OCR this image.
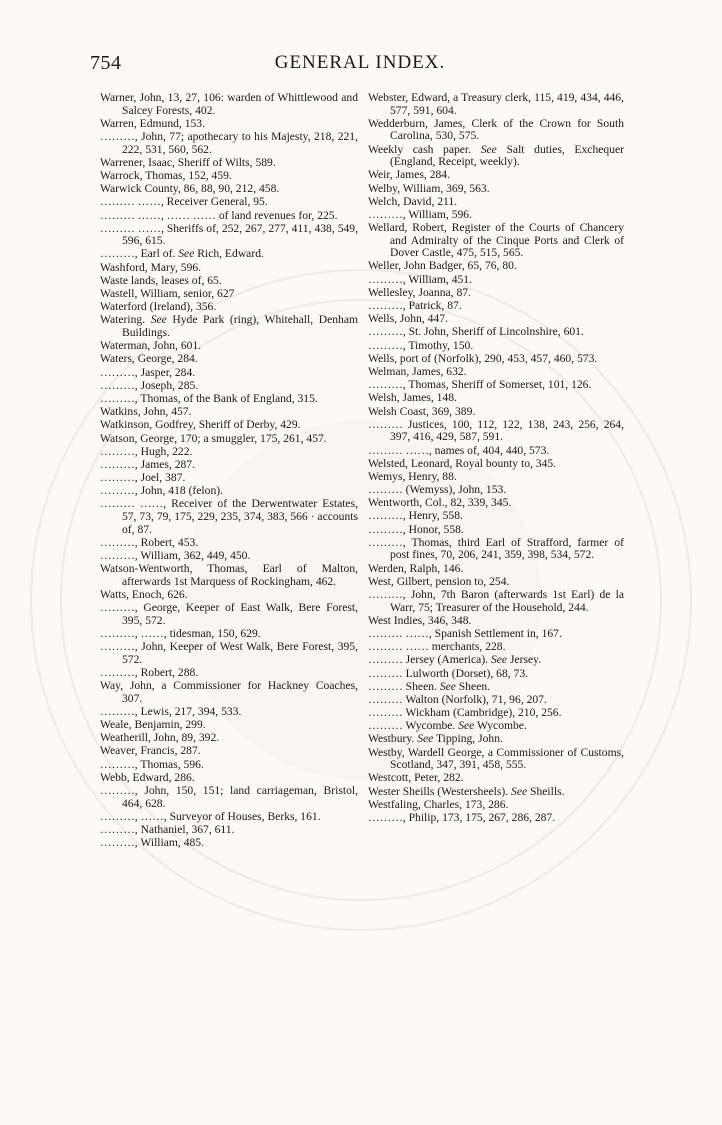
754	GENERAL INDEX.
Warner, John, 13, 27, 106: warden of Whittlewood and Salcey Forests, 402.
Warren, Edmund, 153.
………, John, 77; apothecary to his Majesty, 218, 221, 222, 531, 560, 562.
Warrener, Isaac, Sheriff of Wilts, 589.
Warrock, Thomas, 152, 459.
Warwick County, 86, 88, 90, 212, 458.
……… ……, Receiver General, 95.
……… ……, …… …… of land revenues for, 225.
……… ……, Sheriffs of, 252, 267, 277, 411, 438, 549, 596, 615.
………, Earl of. See Rich, Edward.
Washford, Mary, 596.
Waste lands, leases of, 65.
Wastell, William, senior, 627
Waterford (Ireland), 356.
Watering. See Hyde Park (ring), Whitehall, Denham Buildings.
Waterman, John, 601.
Waters, George, 284.
………, Jasper, 284.
………, Joseph, 285.
………, Thomas, of the Bank of England, 315.
Watkins, John, 457.
Watkinson, Godfrey, Sheriff of Derby, 429.
Watson, George, 170; a smuggler, 175, 261, 457.
………, Hugh, 222.
………, James, 287.
………, Joel, 387.
………, John, 418 (felon).
……… ……, Receiver of the Derwentwater Estates, 57, 73, 79, 175, 229, 235, 374, 383, 566 · accounts of, 87.
………, Robert, 453.
………, William, 362, 449, 450.
Watson-Wentworth, Thomas, Earl of Malton, afterwards 1st Marquess of Rockingham, 462.
Watts, Enoch, 626.
………, George, Keeper of East Walk, Bere Forest, 395, 572.
………, ……, tidesman, 150, 629.
………, John, Keeper of West Walk, Bere Forest, 395, 572.
………, Robert, 288.
Way, John, a Commissioner for Hackney Coaches, 307.
………, Lewis, 217, 394, 533.
Weale, Benjamin, 299.
Weatherill, John, 89, 392.
Weaver, Francis, 287.
………, Thomas, 596.
Webb, Edward, 286.
………, John, 150, 151; land carriageman, Bristol, 464, 628.
………, ……, Surveyor of Houses, Berks, 161.
………, Nathaniel, 367, 611.
………, William, 485.
Webster, Edward, a Treasury clerk, 115, 419, 434, 446, 577, 591, 604.
Wedderburn, James, Clerk of the Crown for South Carolina, 530, 575.
Weekly cash paper. See Salt duties, Exchequer (England, Receipt, weekly).
Weir, James, 284.
Welby, William, 369, 563.
Welch, David, 211.
………, William, 596.
Wellard, Robert, Register of the Courts of Chancery and Admiralty of the Cinque Ports and Clerk of Dover Castle, 475, 515, 565.
Weller, John Badger, 65, 76, 80.
………, William, 451.
Wellesley, Joanna, 87.
………, Patrick, 87.
Wells, John, 447.
………, St. John, Sheriff of Lincolnshire, 601.
………, Timothy, 150.
Wells, port of (Norfolk), 290, 453, 457, 460, 573.
Welman, James, 632.
………, Thomas, Sheriff of Somerset, 101, 126.
Welsh, James, 148.
Welsh Coast, 369, 389.
……… Justices, 100, 112, 122, 138, 243, 256, 264, 397, 416, 429, 587, 591.
……… ……, names of, 404, 440, 573.
Welsted, Leonard, Royal bounty to, 345.
Wemys, Henry, 88.
……… (Wemyss), John, 153.
Wentworth, Col., 82, 339, 345.
………, Henry, 558.
………, Honor, 558.
………, Thomas, third Earl of Strafford, farmer of post fines, 70, 206, 241, 359, 398, 534, 572.
Werden, Ralph, 146.
West, Gilbert, pension to, 254.
………, John, 7th Baron (afterwards 1st Earl) de la Warr, 75; Treasurer of the Household, 244.
West Indies, 346, 348.
……… ……, Spanish Settlement in, 167.
……… …… merchants, 228.
……… Jersey (America). See Jersey.
……… Lulworth (Dorset), 68, 73.
……… Sheen. See Sheen.
……… Walton (Norfolk), 71, 96, 207.
……… Wickham (Cambridge), 210, 256.
……… Wycombe. See Wycombe.
Westbury. See Tipping, John.
Westby, Wardell George, a Commissioner of Customs, Scotland, 347, 391, 458, 555.
Westcott, Peter, 282.
Wester Sheills (Westersheels). See Sheills.
Westfaling, Charles, 173, 286.
………, Philip, 173, 175, 267, 286, 287.
